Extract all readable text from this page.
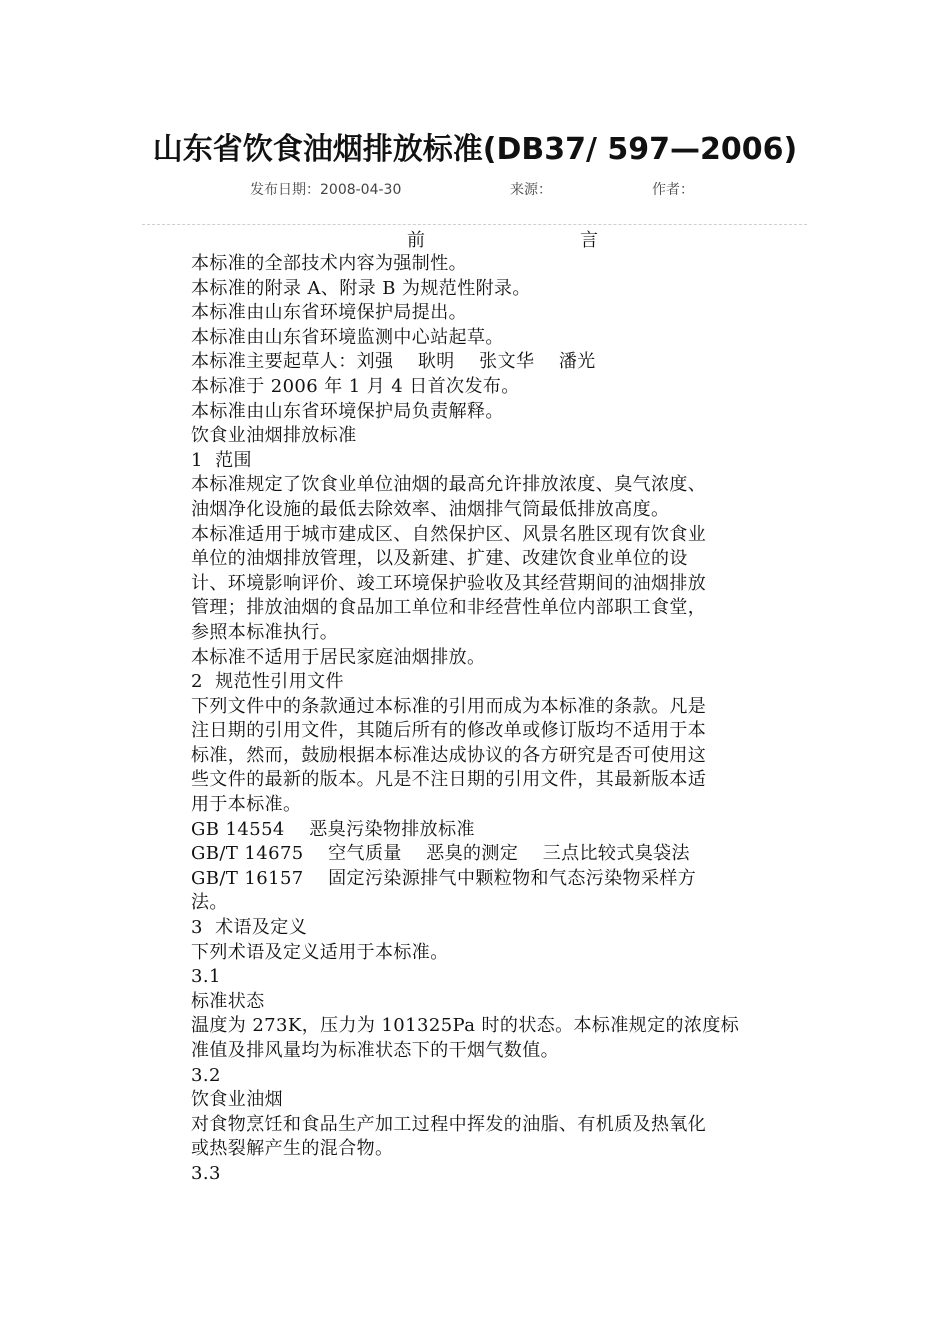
山东省饮食油烟排放标准(DB37/ 597—2006)
发布日期：2008-04-30	来源：	作者：
前	言
本标准的全部技术内容为强制性。
本标准的附录 A、附录 B 为规范性附录。
本标准由山东省环境保护局提出。
本标准由山东省环境监测中心站起草。
本标准主要起草人：刘强    耿明    张文华    潘光
本标准于 2006 年 1 月 4 日首次发布。
本标准由山东省环境保护局负责解释。
饮食业油烟排放标准
1  范围
本标准规定了饮食业单位油烟的最高允许排放浓度、臭气浓度、
油烟净化设施的最低去除效率、油烟排气筒最低排放高度。
本标准适用于城市建成区、自然保护区、风景名胜区现有饮食业
单位的油烟排放管理，以及新建、扩建、改建饮食业单位的设
计、环境影响评价、竣工环境保护验收及其经营期间的油烟排放
管理；排放油烟的食品加工单位和非经营性单位内部职工食堂，
参照本标准执行。
本标准不适用于居民家庭油烟排放。
2  规范性引用文件
下列文件中的条款通过本标准的引用而成为本标准的条款。凡是
注日期的引用文件，其随后所有的修改单或修订版均不适用于本
标准，然而，鼓励根据本标准达成协议的各方研究是否可使用这
些文件的最新的版本。凡是不注日期的引用文件，其最新版本适
用于本标准。
GB 14554    恶臭污染物排放标准
GB/T 14675    空气质量    恶臭的测定    三点比较式臭袋法
GB/T 16157    固定污染源排气中颗粒物和气态污染物采样方
法。
3  术语及定义
下列术语及定义适用于本标准。
3.1
标准状态
温度为 273K，压力为 101325Pa 时的状态。本标准规定的浓度标
准值及排风量均为标准状态下的干烟气数值。
3.2
饮食业油烟
对食物烹饪和食品生产加工过程中挥发的油脂、有机质及热氧化
或热裂解产生的混合物。
3.3
